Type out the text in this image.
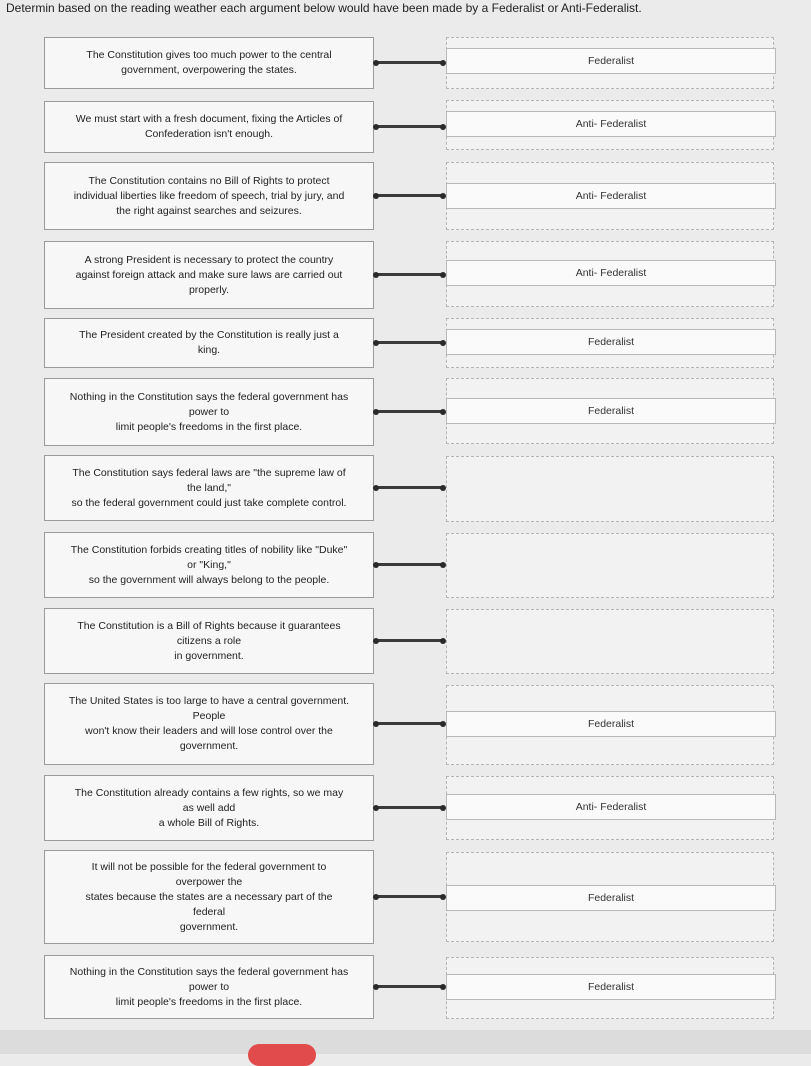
Determin based on the reading weather each argument below would have been made by a Federalist or Anti-Federalist.
The Constitution gives too much power to the central
government, overpowering the states.
Federalist
We must start with a fresh document, fixing the Articles of
Confederation isn't enough.
Anti- Federalist
The Constitution contains no Bill of Rights to protect
individual liberties like freedom of speech, trial by jury, and
the right against searches and seizures.
Anti- Federalist
A strong President is necessary to protect the country
against foreign attack and make sure laws are carried out
properly.
Anti- Federalist
The President created by the Constitution is really just a
king.
Federalist
Nothing in the Constitution says the federal government has
power to
limit people's freedoms in the first place.
Federalist
The Constitution says federal laws are "the supreme law of
the land,"
so the federal government could just take complete control.
The Constitution forbids creating titles of nobility like "Duke"
or "King,"
so the government will always belong to the people.
The Constitution is a Bill of Rights because it guarantees
citizens a role
in government.
The United States is too large to have a central government.
People
won't know their leaders and will lose control over the
government.
Federalist
The Constitution already contains a few rights, so we may
as well add
a whole Bill of Rights.
Anti- Federalist
It will not be possible for the federal government to
overpower the
states because the states are a necessary part of the
federal
government.
Federalist
Nothing in the Constitution says the federal government has
power to
limit people's freedoms in the first place.
Federalist
